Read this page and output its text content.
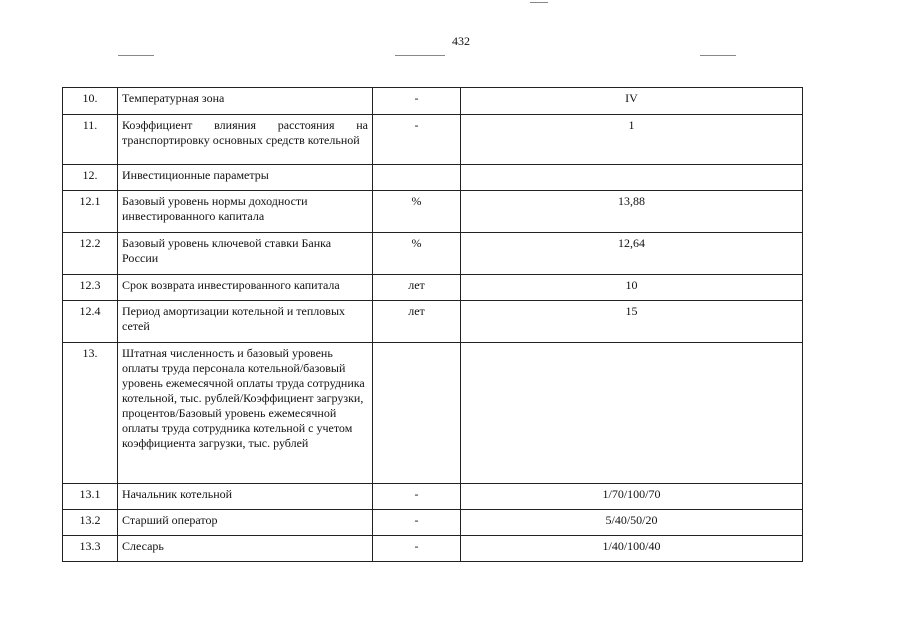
432
10.	Температурная зона	-	IV
11.	Коэффициент влияния расстояния на транспортировку основных средств котельной	-	1
12.	Инвестиционные параметры		
12.1	Базовый уровень нормы доходности инвестированного капитала	%	13,88
12.2	Базовый уровень ключевой ставки Банка России	%	12,64
12.3	Срок возврата инвестированного капитала	лет	10
12.4	Период амортизации котельной и тепловых сетей	лет	15
13.	Штатная численность и базовый уровень оплаты труда персонала котельной/базовый уровень ежемесячной оплаты труда сотрудника котельной, тыс. рублей/Коэффициент загрузки, процентов/Базовый уровень ежемесячной оплаты труда сотрудника котельной с учетом коэффициента загрузки, тыс. рублей		
13.1	Начальник котельной	-	1/70/100/70
13.2	Старший оператор	-	5/40/50/20
13.3	Слесарь	-	1/40/100/40
